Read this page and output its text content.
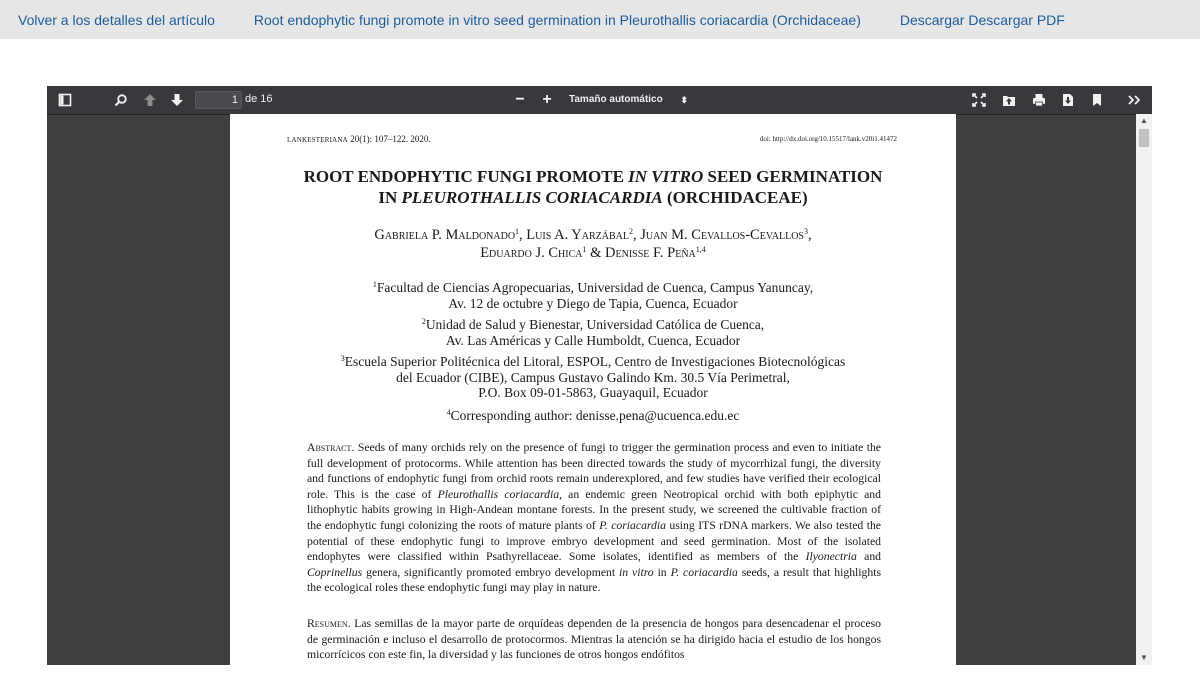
Volver a los detalles del artículo	Root endophytic fungi promote in vitro seed germination in Pleurothallis coriacardia (Orchidaceae)	Descargar Descargar PDF
1
de 16	−	+	Tamaño automático ⬍
LANKESTERIANA 20(1): 107–122. 2020.	doi: http://dx.doi.org/10.15517/lank.v20i1.41472
ROOT ENDOPHYTIC FUNGI PROMOTE IN VITRO SEED GERMINATION
IN PLEUROTHALLIS CORIACARDIA (ORCHIDACEAE)
Gabriela P. Maldonado$^1$, Luis A. Yarzábal$^2$, Juan M. Cevallos-Cevallos$^3$,
Eduardo J. Chica$^1$ & Denisse F. Peña$^{1,4}$
$^1$Facultad de Ciencias Agropecuarias, Universidad de Cuenca, Campus Yanuncay,
Av. 12 de octubre y Diego de Tapia, Cuenca, Ecuador
$^2$Unidad de Salud y Bienestar, Universidad Católica de Cuenca,
Av. Las Américas y Calle Humboldt, Cuenca, Ecuador
$^3$Escuela Superior Politécnica del Litoral, ESPOL, Centro de Investigaciones Biotecnológicas
del Ecuador (CIBE), Campus Gustavo Galindo Km. 30.5 Vía Perimetral,
P.O. Box 09-01-5863, Guayaquil, Ecuador
$^4$Corresponding author: denisse.pena@ucuenca.edu.ec
Abstract. Seeds of many orchids rely on the presence of fungi to trigger the germination process and even to initiate the full development of protocorms. While attention has been directed towards the study of mycorrhizal fungi, the diversity and functions of endophytic fungi from orchid roots remain underexplored, and few studies have verified their ecological role. This is the case of Pleurothallis coriacardia, an endemic green Neotropical orchid with both epiphytic and lithophytic habits growing in High-Andean montane forests. In the present study, we screened the cultivable fraction of the endophytic fungi colonizing the roots of mature plants of P. coriacardia using ITS rDNA markers. We also tested the potential of these endophytic fungi to improve embryo development and seed germination. Most of the isolated endophytes were classified within Psathyrellaceae. Some isolates, identified as members of the Ilyonectria and Coprinellus genera, significantly promoted embryo development in vitro in P. coriacardia seeds, a result that highlights the ecological roles these endophytic fungi may play in nature.
Resumen. Las semillas de la mayor parte de orquídeas dependen de la presencia de hongos para desencadenar el proceso de germinación e incluso el desarrollo de protocormos. Mientras la atención se ha dirigido hacia el estudio de los hongos micorrícicos con este fin, la diversidad y las funciones de otros hongos endófitos
▲
▼
